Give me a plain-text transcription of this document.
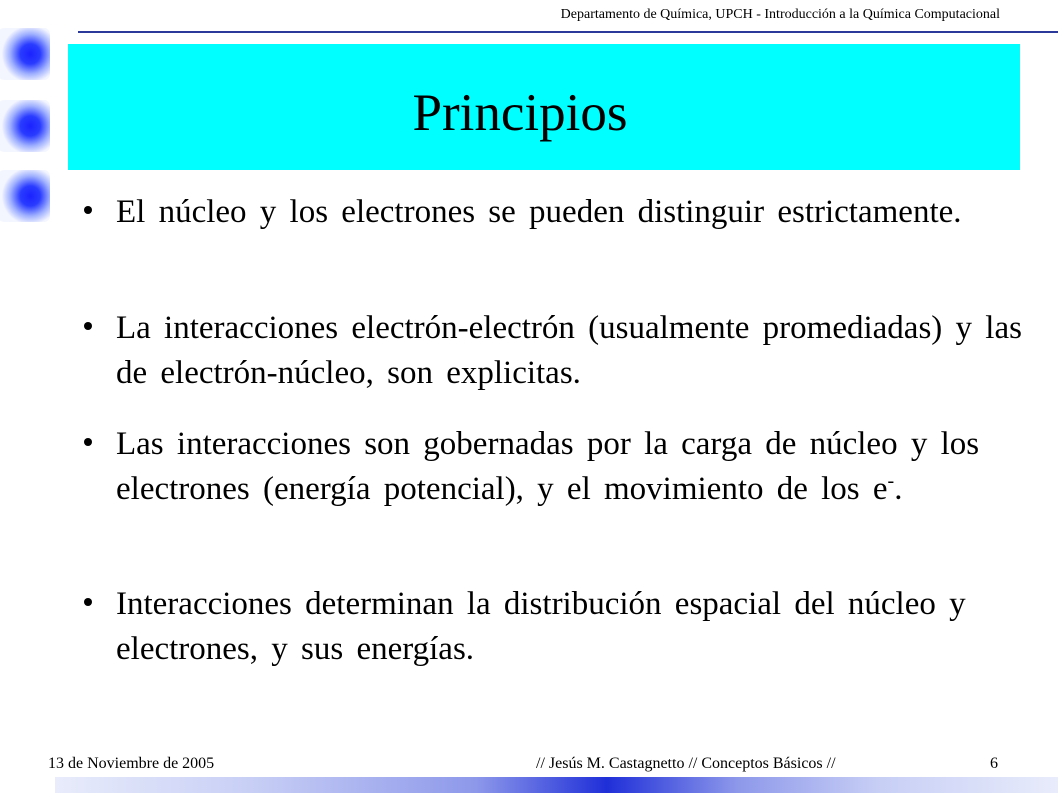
Departamento de Química, UPCH - Introducción a la Química Computacional
Principios
El núcleo y los electrones se pueden distinguir estrictamente.
La interacciones electrón-electrón (usualmente promediadas) y las de electrón-núcleo, son explicitas.
Las interacciones son gobernadas por la carga de núcleo y los electrones (energía potencial), y el movimiento de los e-.
Interacciones determinan la distribución espacial del núcleo y electrones, y sus energías.
13 de Noviembre de 2005	// Jesús M. Castagnetto // Conceptos Básicos //	6
